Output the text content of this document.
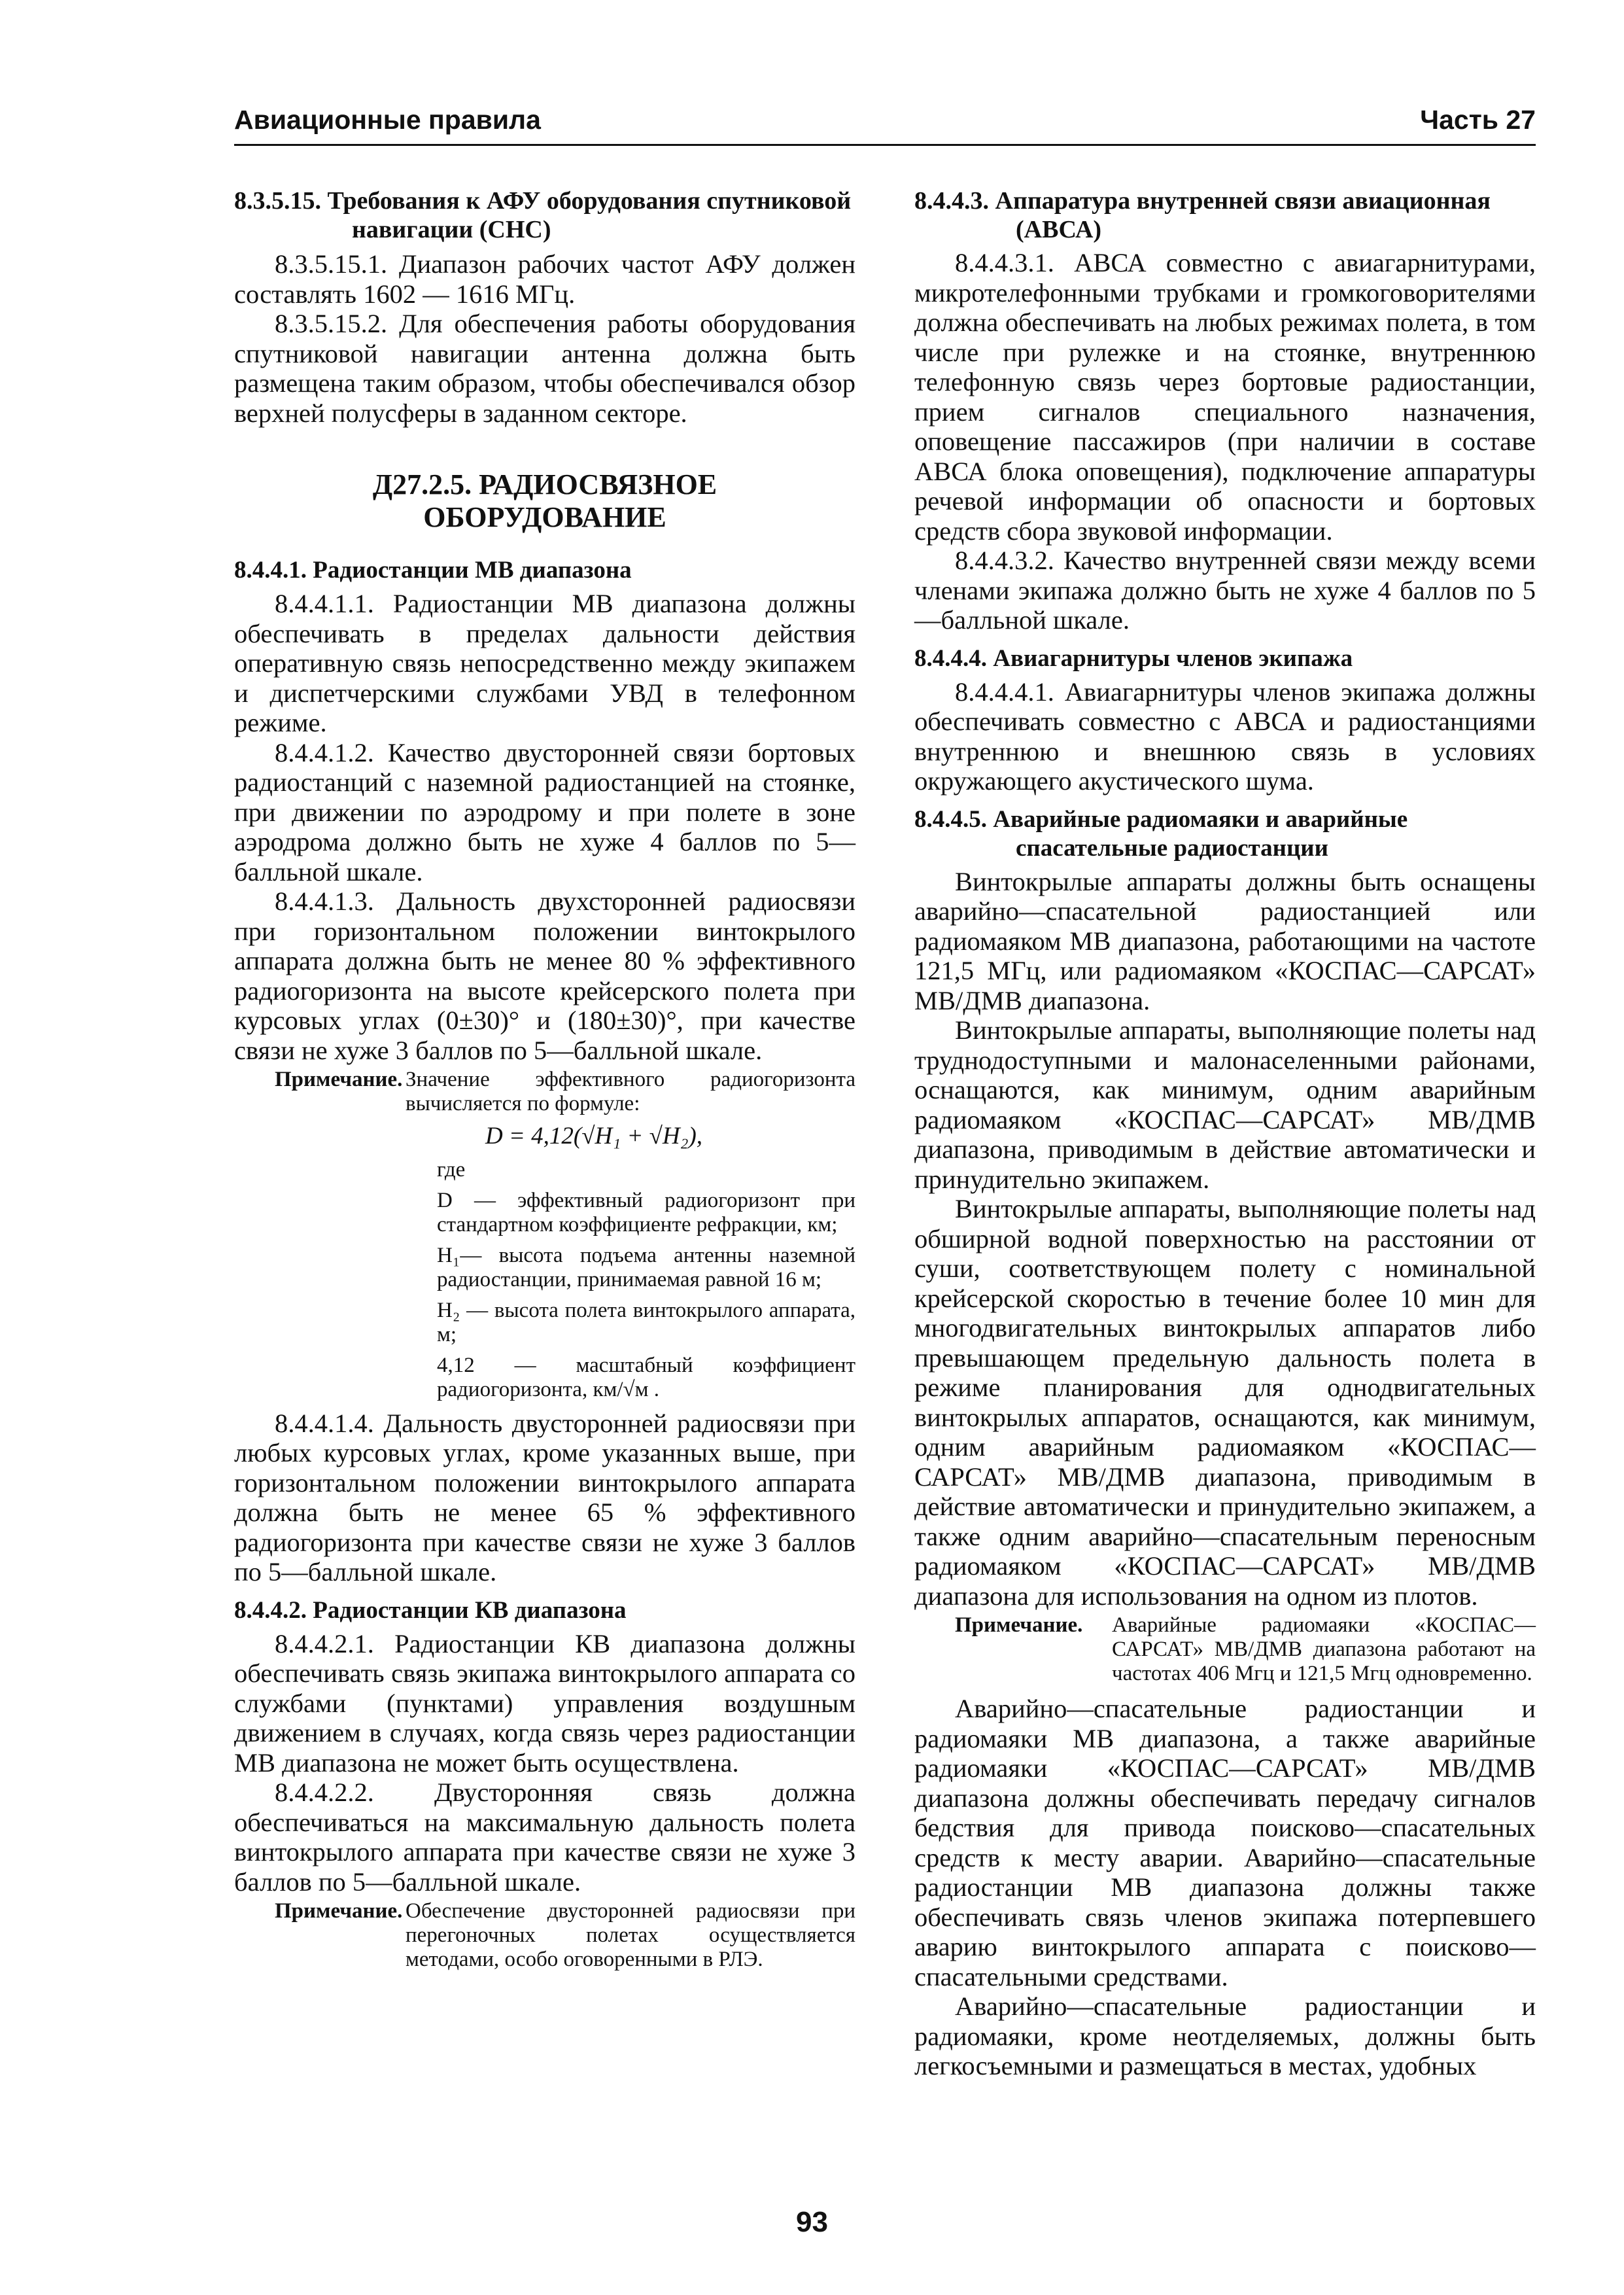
Авиационные правила	Часть 27

8.3.5.15. Требования к АФУ оборудования спутниковой навигации (СНС)

8.3.5.15.1. Диапазон рабочих частот АФУ должен составлять 1602 — 1616 МГц.

8.3.5.15.2. Для обеспечения работы оборудования спутниковой навигации антенна должна быть размещена таким образом, чтобы обеспечивался обзор верхней полусферы в заданном секторе.

Д27.2.5. РАДИОСВЯЗНОЕ

ОБОРУДОВАНИЕ

8.4.4.1. Радиостанции МВ диапазона

8.4.4.1.1. Радиостанции МВ диапазона должны обеспечивать в пределах дальности действия оперативную связь непосредственно между экипажем и диспетчерскими службами УВД в телефонном режиме.

8.4.4.1.2. Качество двусторонней связи бортовых радиостанций с наземной радиостанцией на стоянке, при движении по аэродрому и при полете в зоне аэродрома должно быть не хуже 4 баллов по 5—балльной шкале.

8.4.4.1.3. Дальность двухсторонней радиосвязи при горизонтальном положении винтокрылого аппарата должна быть не менее 80 % эффективного радиогоризонта на высоте крейсерского полета при курсовых углах (0±30)° и (180±30)°, при качестве связи не хуже 3 баллов по 5—балльной шкале.

Примечание. Значение эффективного радиогоризонта вычисляется по формуле:
D = 4,12(√H₁ + √H₂),

где

D — эффективный радиогоризонт при стандартном коэффициенте рефракции, км;

H₁— высота подъема антенны наземной радиостанции, принимаемая равной 16 м;

H₂ — высота полета винтокрылого аппарата, м;

4,12 — масштабный коэффициент радиогоризонта, км/√м .

8.4.4.1.4. Дальность двусторонней радиосвязи при любых курсовых углах, кроме указанных выше, при горизонтальном положении винтокрылого аппарата должна быть не менее 65 % эффективного радиогоризонта при качестве связи не хуже 3 баллов по 5—балльной шкале.

8.4.4.2. Радиостанции КВ диапазона

8.4.4.2.1. Радиостанции КВ диапазона должны обеспечивать связь экипажа винтокрылого аппарата со службами (пунктами) управления воздушным движением в случаях, когда связь через радиостанции МВ диапазона не может быть осуществлена.

8.4.4.2.2. Двусторонняя связь должна обеспечиваться на максимальную дальность полета винтокрылого аппарата при качестве связи не хуже 3 баллов по 5—балльной шкале.

Примечание. Обеспечение двусторонней радиосвязи при перегоночных полетах осуществляется методами, особо оговоренными в РЛЭ.

8.4.4.3. Аппаратура внутренней связи авиационная (АВСА)

8.4.4.3.1. АВСА совместно с авиагарнитурами, микротелефонными трубками и громкоговорителями должна обеспечивать на любых режимах полета, в том числе при рулежке и на стоянке, внутреннюю телефонную связь через бортовые радиостанции, прием сигналов специального назначения, оповещение пассажиров (при наличии в составе АВСА блока оповещения), подключение аппаратуры речевой информации об опасности и бортовых средств сбора звуковой информации.

8.4.4.3.2. Качество внутренней связи между всеми членами экипажа должно быть не хуже 4 баллов по 5—балльной шкале.

8.4.4.4. Авиагарнитуры членов экипажа

8.4.4.4.1. Авиагарнитуры членов экипажа должны обеспечивать совместно с АВСА и радиостанциями внутреннюю и внешнюю связь в условиях окружающего акустического шума.

8.4.4.5. Аварийные радиомаяки и аварийные спасательные радиостанции

Винтокрылые аппараты должны быть оснащены аварийно—спасательной радиостанцией или радиомаяком МВ диапазона, работающими на частоте 121,5 МГц, или радиомаяком «КОСПАС—САРСАТ» МВ/ДМВ диапазона.

Винтокрылые аппараты, выполняющие полеты над труднодоступными и малонаселенными районами, оснащаются, как минимум, одним аварийным радиомаяком «КОСПАС—САРСАТ» МВ/ДМВ диапазона, приводимым в действие автоматически и принудительно экипажем.

Винтокрылые аппараты, выполняющие полеты над обширной водной поверхностью на расстоянии от суши, соответствующем полету с номинальной крейсерской скоростью в течение более 10 мин для многодвигательных винтокрылых аппаратов либо превышающем предельную дальность полета в режиме планирования для однодвигательных винтокрылых аппаратов, оснащаются, как минимум, одним аварийным радиомаяком «КОСПАС—САРСАТ» МВ/ДМВ диапазона, приводимым в действие автоматически и принудительно экипажем, а также одним аварийно—спасательным переносным радиомаяком «КОСПАС—САРСАТ» МВ/ДМВ диапазона для использования на одном из плотов.

Примечание.	Аварийные радиомаяки «КОСПАС—САРСАТ» МВ/ДМВ диапазона работают на частотах 406 Мгц и 121,5 Мгц одновременно.

Аварийно—спасательные радиостанции и радиомаяки МВ диапазона, а также аварийные радиомаяки «КОСПАС—САРСАТ» МВ/ДМВ диапазона должны обеспечивать передачу сигналов бедствия для привода поисково—спасательных средств к месту аварии. Аварийно—спасательные радиостанции МВ диапазона должны также обеспечивать связь членов экипажа потерпевшего аварию винтокрылого аппарата с поисково—спасательными средствами.

Аварийно—спасательные радиостанции и радиомаяки, кроме неотделяемых, должны быть легкосъемными и размещаться в местах, удобных

93
